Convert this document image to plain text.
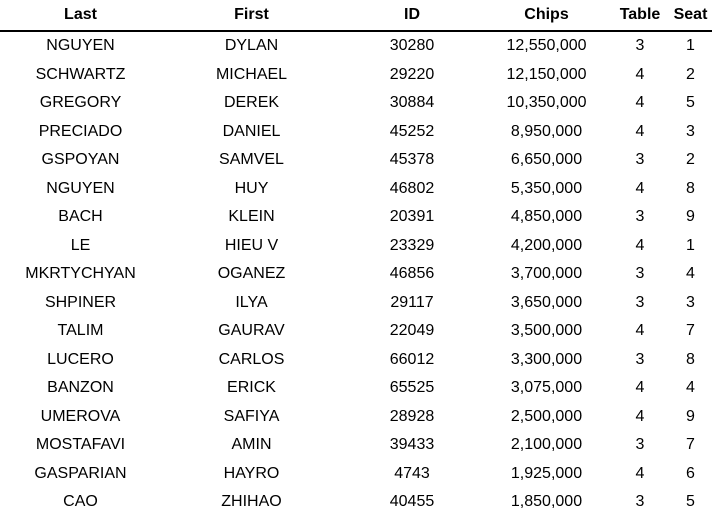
Last	First	ID	Chips	Table	Seat
NGUYEN	DYLAN	30280	12,550,000	3	1
SCHWARTZ	MICHAEL	29220	12,150,000	4	2
GREGORY	DEREK	30884	10,350,000	4	5
PRECIADO	DANIEL	45252	8,950,000	4	3
GSPOYAN	SAMVEL	45378	6,650,000	3	2
NGUYEN	HUY	46802	5,350,000	4	8
BACH	KLEIN	20391	4,850,000	3	9
LE	HIEU V	23329	4,200,000	4	1
MKRTYCHYAN	OGANEZ	46856	3,700,000	3	4
SHPINER	ILYA	29117	3,650,000	3	3
TALIM	GAURAV	22049	3,500,000	4	7
LUCERO	CARLOS	66012	3,300,000	3	8
BANZON	ERICK	65525	3,075,000	4	4
UMEROVA	SAFIYA	28928	2,500,000	4	9
MOSTAFAVI	AMIN	39433	2,100,000	3	7
GASPARIAN	HAYRO	4743	1,925,000	4	6
CAO	ZHIHAO	40455	1,850,000	3	5
